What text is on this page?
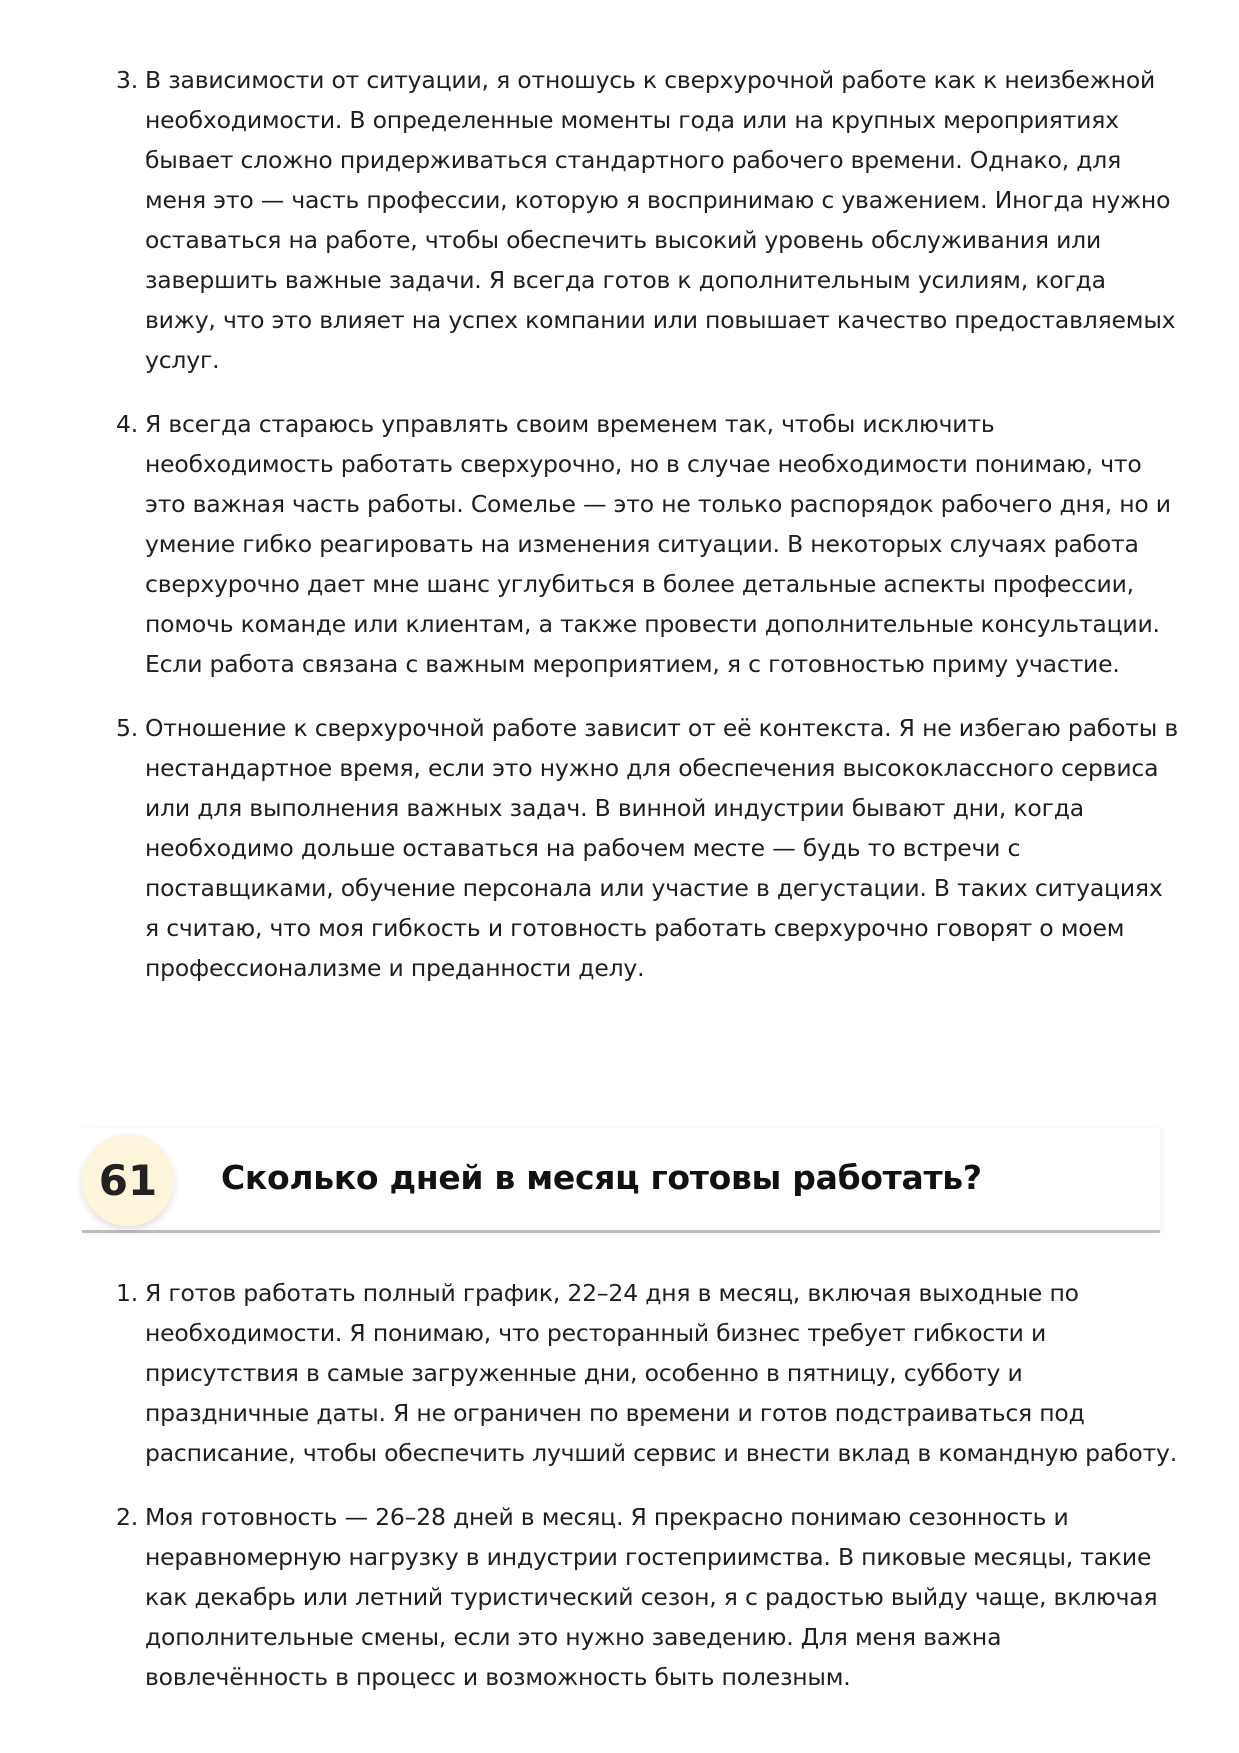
3. В зависимости от ситуации, я отношусь к сверхурочной работе как к неизбежной необходимости. В определенные моменты года или на крупных мероприятиях бывает сложно придерживаться стандартного рабочего времени. Однако, для меня это — часть профессии, которую я воспринимаю с уважением. Иногда нужно оставаться на работе, чтобы обеспечить высокий уровень обслуживания или завершить важные задачи. Я всегда готов к дополнительным усилиям, когда вижу, что это влияет на успех компании или повышает качество предоставляемых услуг.
4. Я всегда стараюсь управлять своим временем так, чтобы исключить необходимость работать сверхурочно, но в случае необходимости понимаю, что это важная часть работы. Сомелье — это не только распорядок рабочего дня, но и умение гибко реагировать на изменения ситуации. В некоторых случаях работа сверхурочно дает мне шанс углубиться в более детальные аспекты профессии, помочь команде или клиентам, а также провести дополнительные консультации. Если работа связана с важным мероприятием, я с готовностью приму участие.
5. Отношение к сверхурочной работе зависит от её контекста. Я не избегаю работы в нестандартное время, если это нужно для обеспечения высококлассного сервиса или для выполнения важных задач. В винной индустрии бывают дни, когда необходимо дольше оставаться на рабочем месте — будь то встречи с поставщиками, обучение персонала или участие в дегустации. В таких ситуациях я считаю, что моя гибкость и готовность работать сверхурочно говорят о моем профессионализме и преданности делу.
61	Сколько дней в месяц готовы работать?
1. Я готов работать полный график, 22–24 дня в месяц, включая выходные по необходимости. Я понимаю, что ресторанный бизнес требует гибкости и присутствия в самые загруженные дни, особенно в пятницу, субботу и праздничные даты. Я не ограничен по времени и готов подстраиваться под расписание, чтобы обеспечить лучший сервис и внести вклад в командную работу.
2. Моя готовность — 26–28 дней в месяц. Я прекрасно понимаю сезонность и неравномерную нагрузку в индустрии гостеприимства. В пиковые месяцы, такие как декабрь или летний туристический сезон, я с радостью выйду чаще, включая дополнительные смены, если это нужно заведению. Для меня важна вовлечённость в процесс и возможность быть полезным.
